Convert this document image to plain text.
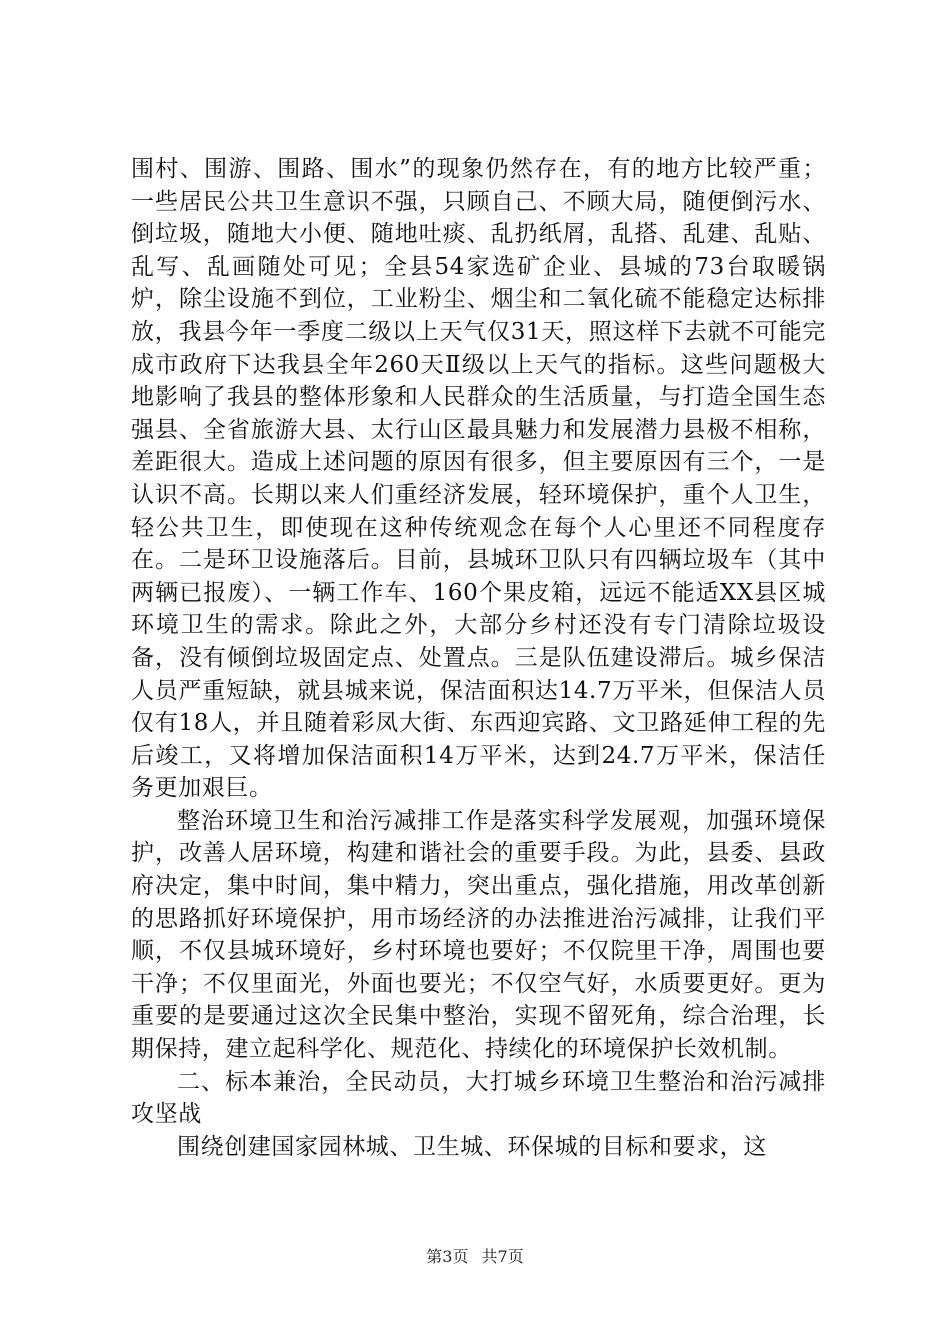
围村、围游、围路、围水”的现象仍然存在，有的地方比较严重；一些居民公共卫生意识不强，只顾自己、不顾大局，随便倒污水、倒垃圾，随地大小便、随地吐痰、乱扔纸屑，乱搭、乱建、乱贴、乱写、乱画随处可见；全县54家选矿企业、县城的73台取暖锅炉，除尘设施不到位，工业粉尘、烟尘和二氧化硫不能稳定达标排放，我县今年一季度二级以上天气仅31天，照这样下去就不可能完成市政府下达我县全年260天Ⅱ级以上天气的指标。这些问题极大地影响了我县的整体形象和人民群众的生活质量，与打造全国生态强县、全省旅游大县、太行山区最具魅力和发展潜力县极不相称，差距很大。造成上述问题的原因有很多，但主要原因有三个，一是认识不高。长期以来人们重经济发展，轻环境保护，重个人卫生，轻公共卫生，即使现在这种传统观念在每个人心里还不同程度存在。二是环卫设施落后。目前，县城环卫队只有四辆垃圾车（其中两辆已报废）、一辆工作车、160个果皮箱，远远不能适XX县区城环境卫生的需求。除此之外，大部分乡村还没有专门清除垃圾设备，没有倾倒垃圾固定点、处置点。三是队伍建设滞后。城乡保洁人员严重短缺，就县城来说，保洁面积达14.7万平米，但保洁人员仅有18人，并且随着彩凤大街、东西迎宾路、文卫路延伸工程的先后竣工，又将增加保洁面积14万平米，达到24.7万平米，保洁任务更加艰巨。

整治环境卫生和治污减排工作是落实科学发展观，加强环境保护，改善人居环境，构建和谐社会的重要手段。为此，县委、县政府决定，集中时间，集中精力，突出重点，强化措施，用改革创新的思路抓好环境保护，用市场经济的办法推进治污减排，让我们平顺，不仅县城环境好，乡村环境也要好；不仅院里干净，周围也要干净；不仅里面光，外面也要光；不仅空气好，水质要更好。更为重要的是要通过这次全民集中整治，实现不留死角，综合治理，长期保持，建立起科学化、规范化、持续化的环境保护长效机制。

二、标本兼治，全民动员，大打城乡环境卫生整治和治污减排攻坚战

围绕创建国家园林城、卫生城、环保城的目标和要求，这

第3页 共7页
